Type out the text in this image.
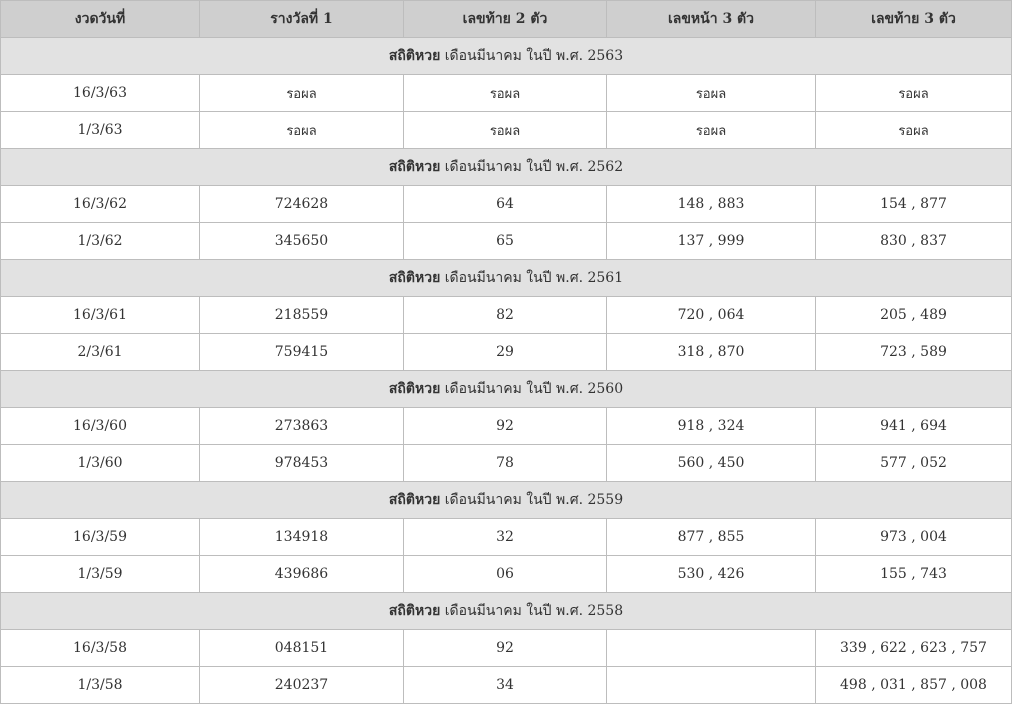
งวดวันที่	รางวัลที่ 1	เลขท้าย 2 ตัว	เลขหน้า 3 ตัว	เลขท้าย 3 ตัว
สถิติหวย เดือนมีนาคม ในปี พ.ศ. 2563				
16/3/63	รอผล	รอผล	รอผล	รอผล
1/3/63	รอผล	รอผล	รอผล	รอผล
สถิติหวย เดือนมีนาคม ในปี พ.ศ. 2562				
16/3/62	724628	64	148 , 883	154 , 877
1/3/62	345650	65	137 , 999	830 , 837
สถิติหวย เดือนมีนาคม ในปี พ.ศ. 2561				
16/3/61	218559	82	720 , 064	205 , 489
2/3/61	759415	29	318 , 870	723 , 589
สถิติหวย เดือนมีนาคม ในปี พ.ศ. 2560				
16/3/60	273863	92	918 , 324	941 , 694
1/3/60	978453	78	560 , 450	577 , 052
สถิติหวย เดือนมีนาคม ในปี พ.ศ. 2559				
16/3/59	134918	32	877 , 855	973 , 004
1/3/59	439686	06	530 , 426	155 , 743
สถิติหวย เดือนมีนาคม ในปี พ.ศ. 2558				
16/3/58	048151	92		339 , 622 , 623 , 757
1/3/58	240237	34		498 , 031 , 857 , 008
